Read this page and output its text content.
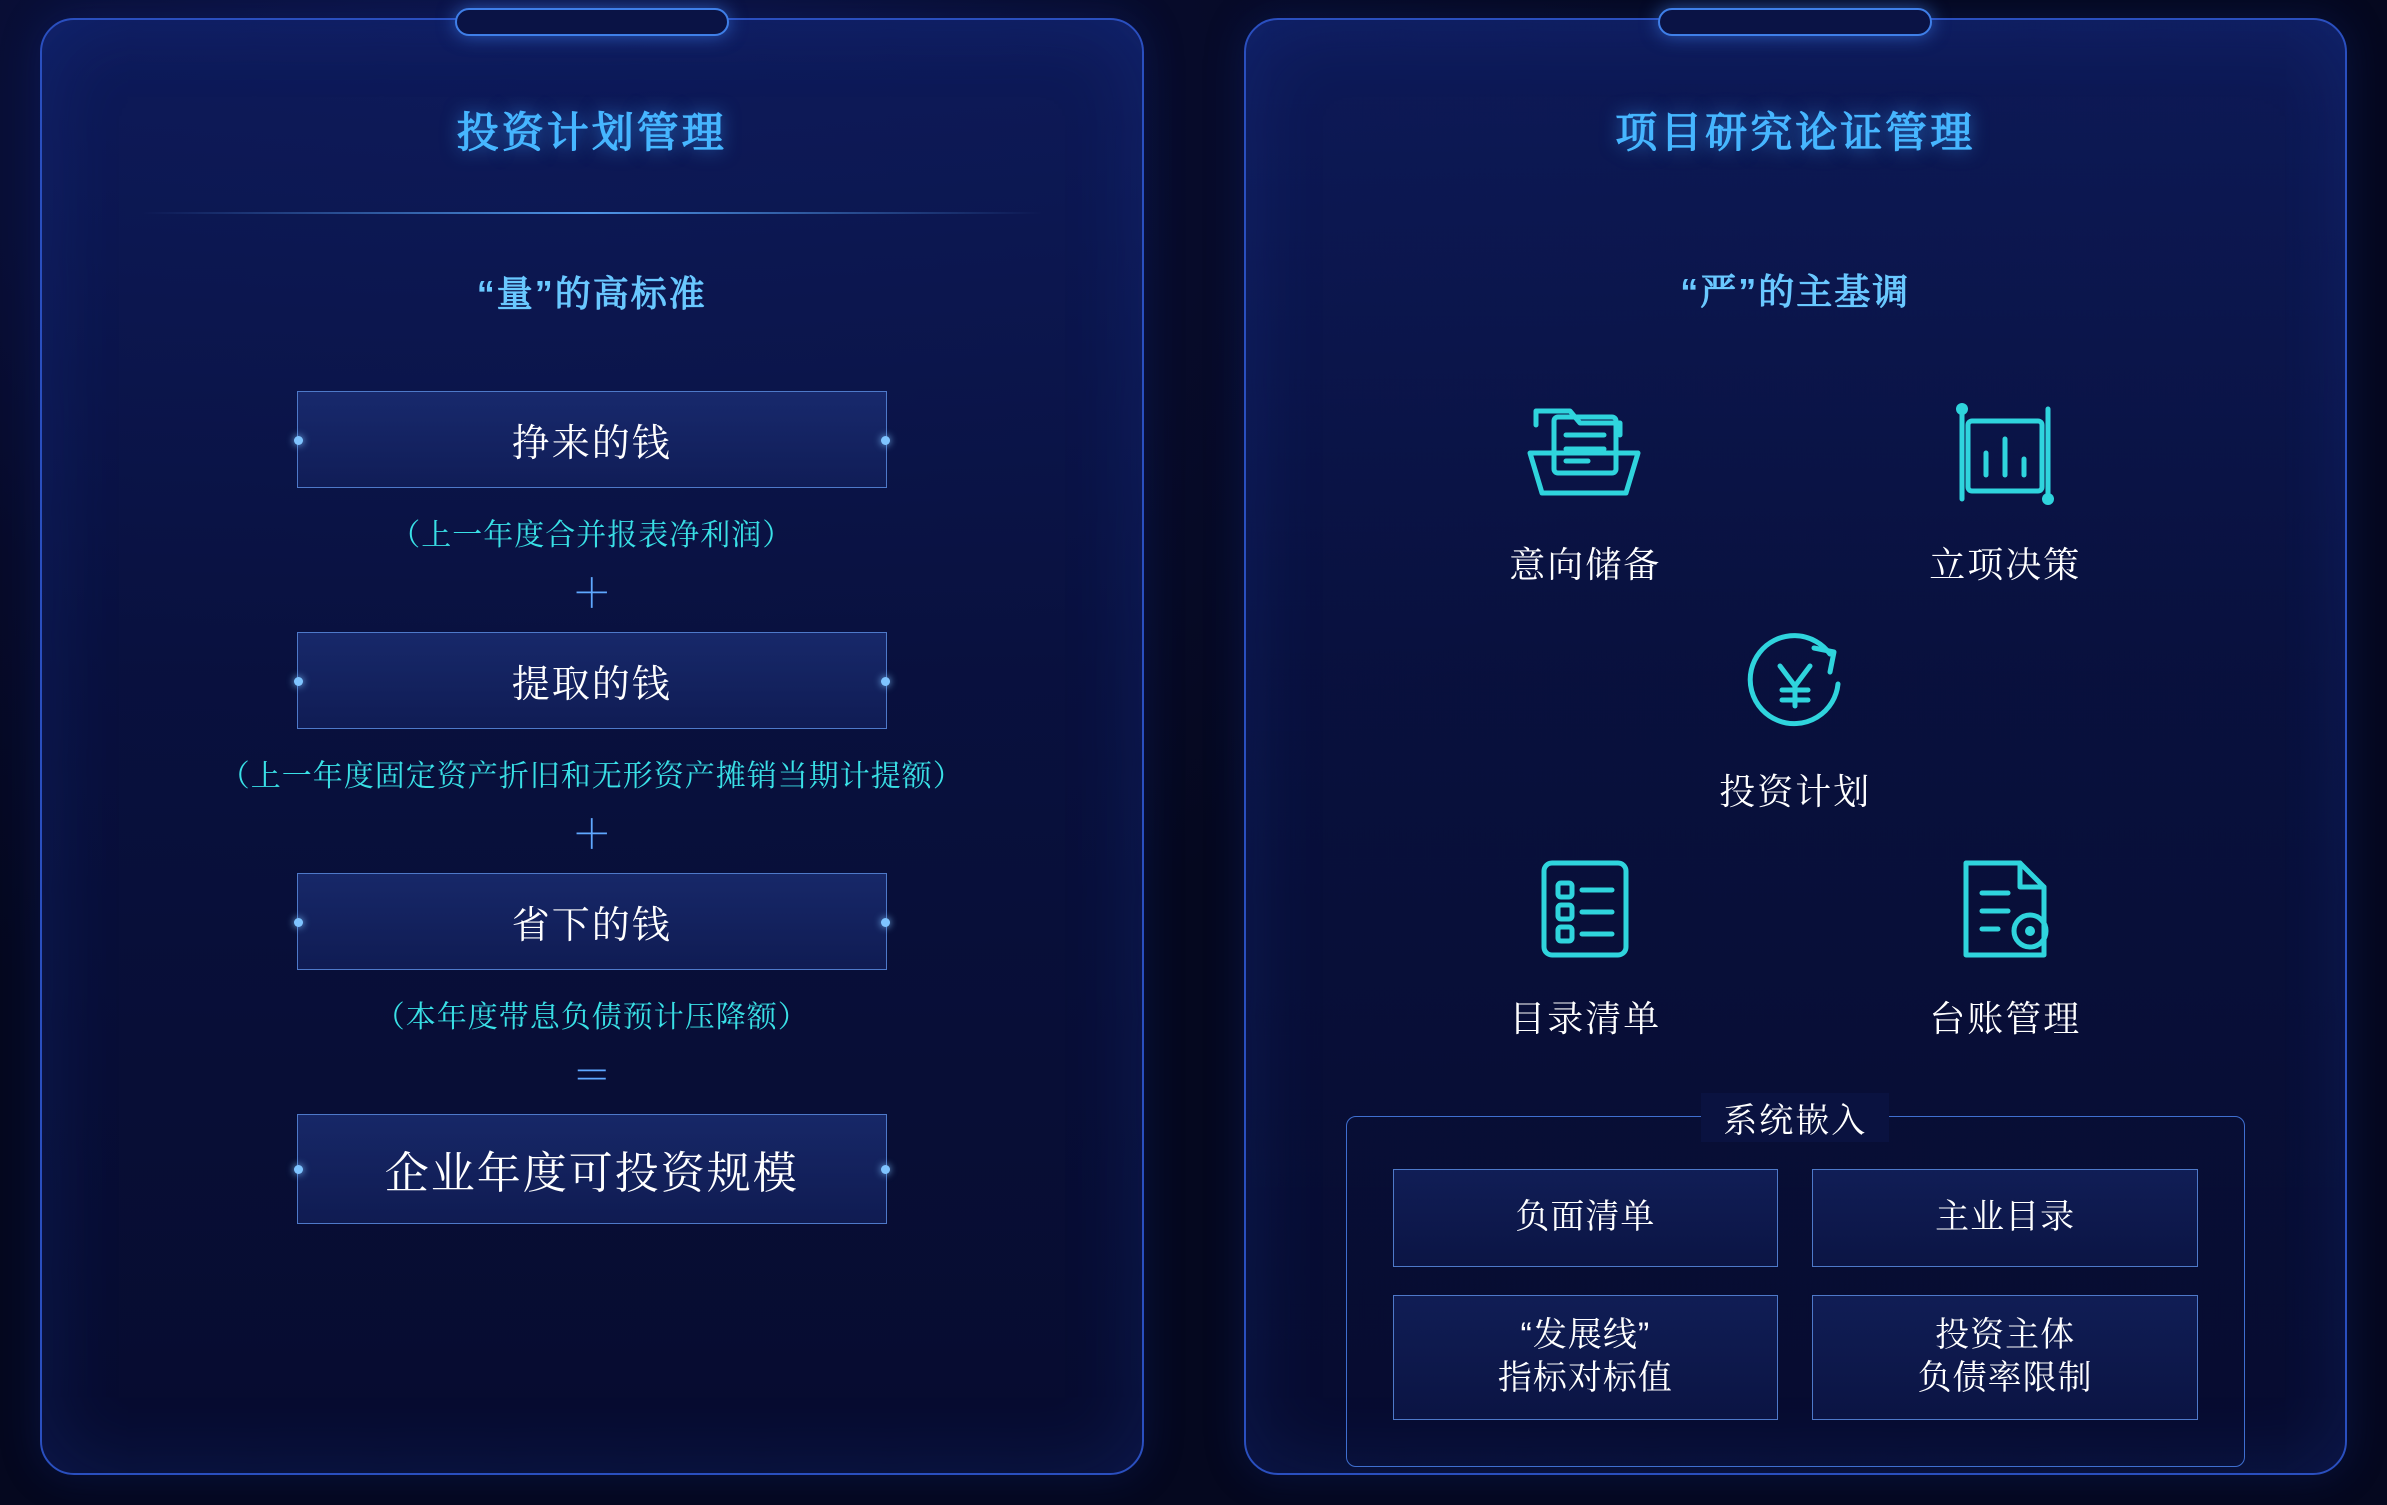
投资计划管理
“量”的高标准
挣来的钱
（上一年度合并报表净利润）
＋
提取的钱
（上一年度固定资产折旧和无形资产摊销当期计提额）
＋
省下的钱
（本年度带息负债预计压降额）
＝
企业年度可投资规模
项目研究论证管理
“严”的主基调
意向储备	立项决策
投资计划
目录清单	台账管理
系统嵌入
负面清单	主业目录
“发展线”
指标对标值
投资主体
负债率限制
